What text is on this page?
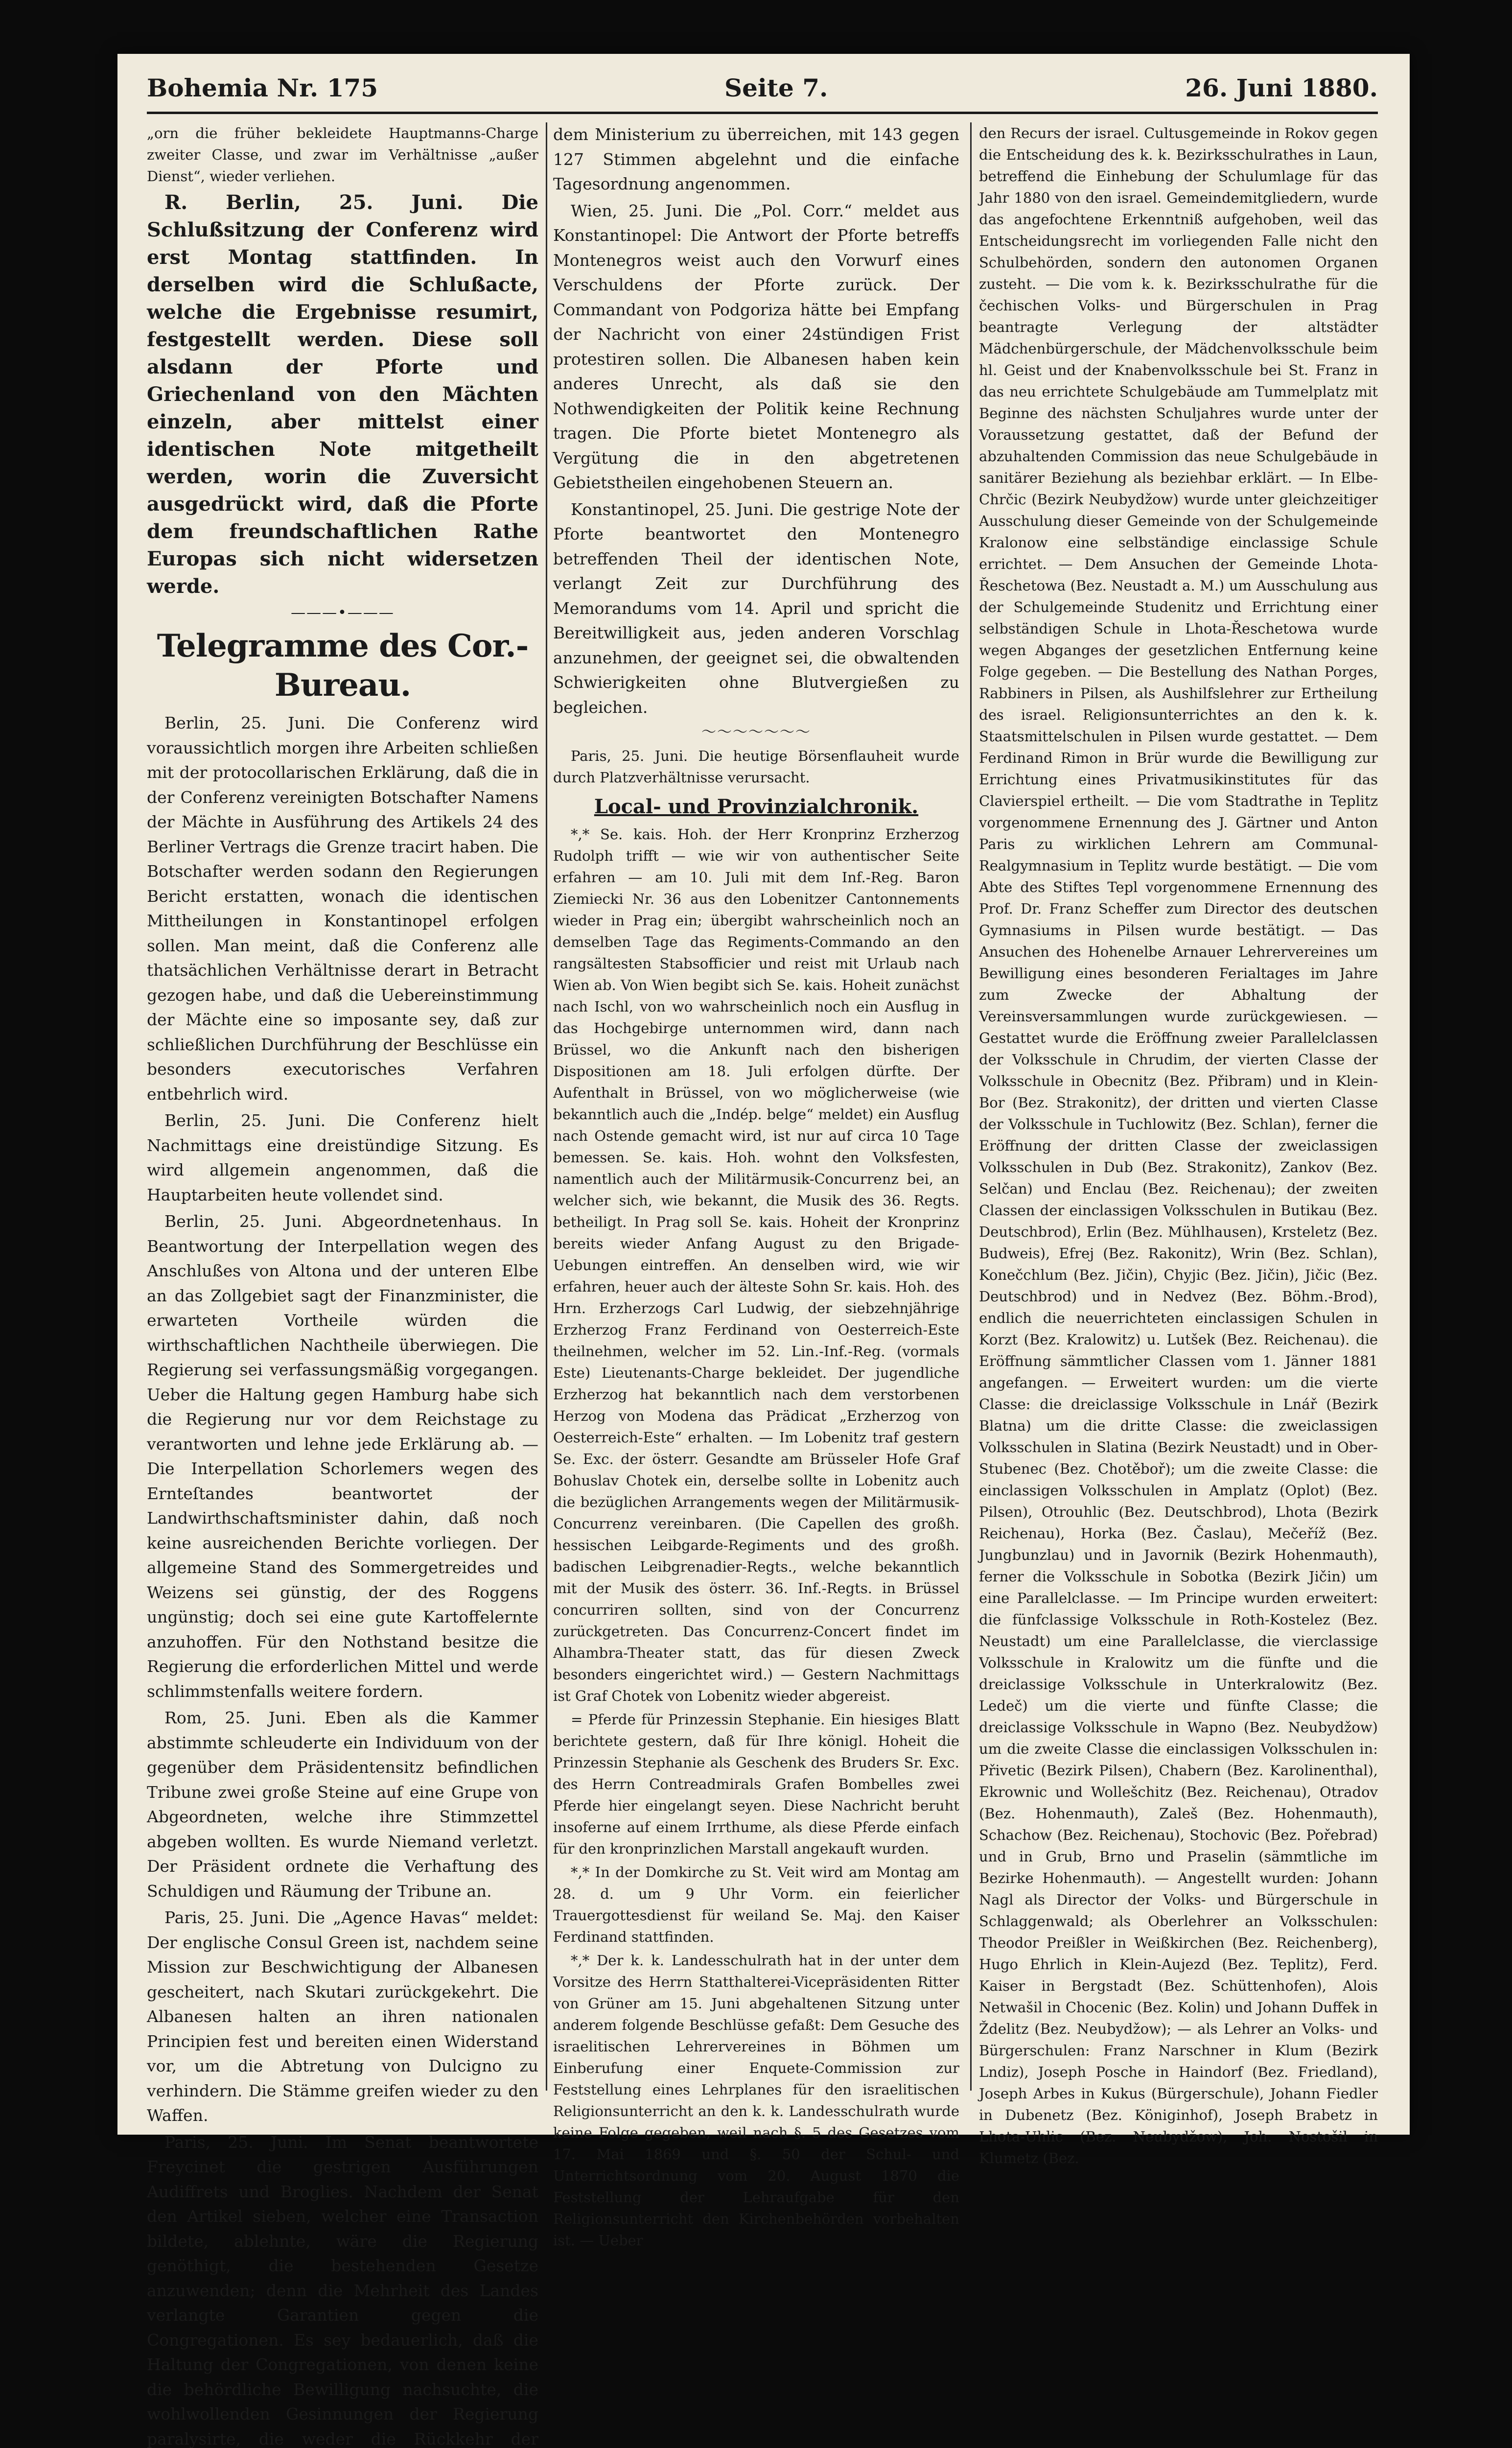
Bohemia Nr. 175	Seite 7.	26. Juni 1880.

„orn die früher bekleidete Hauptmanns-Charge zweiter Classe, und zwar im Verhältnisse „außer Dienst“, wieder verliehen.

R. Berlin, 25. Juni. Die Schlußsitzung der Conferenz wird erst Montag stattfinden. In derselben wird die Schlußacte, welche die Ergebnisse resumirt, festgestellt werden. Diese soll alsdann der Pforte und Griechenland von den Mächten einzeln, aber mittelst einer identischen Note mitgetheilt werden, worin die Zuversicht ausgedrückt wird, daß die Pforte dem freundschaftlichen Rathe Europas sich nicht widersetzen werde.

———•———
Telegramme des Cor.-Bureau.

Berlin, 25. Juni. Die Conferenz wird voraussichtlich morgen ihre Arbeiten schließen mit der protocollarischen Erklärung, daß die in der Conferenz vereinigten Botschafter Namens der Mächte in Ausführung des Artikels 24 des Berliner Vertrags die Grenze tracirt haben. Die Botschafter werden sodann den Regierungen Bericht erstatten, wonach die identischen Mittheilungen in Konstantinopel erfolgen sollen. Man meint, daß die Conferenz alle thatsächlichen Verhältnisse derart in Betracht gezogen habe, und daß die Uebereinstimmung der Mächte eine so imposante sey, daß zur schließlichen Durchführung der Beschlüsse ein besonders executorisches Verfahren entbehrlich wird.

Berlin, 25. Juni. Die Conferenz hielt Nachmittags eine dreistündige Sitzung. Es wird allgemein angenommen, daß die Hauptarbeiten heute vollendet sind.

Berlin, 25. Juni. Abgeordnetenhaus. In Beantwortung der Interpellation wegen des Anschlußes von Altona und der unteren Elbe an das Zollgebiet sagt der Finanzminister, die erwarteten Vortheile würden die wirthschaftlichen Nachtheile überwiegen. Die Regierung sei verfassungsmäßig vorgegangen. Ueber die Haltung gegen Hamburg habe sich die Regierung nur vor dem Reichstage zu verantworten und lehne jede Erklärung ab. — Die Interpellation Schorlemers wegen des Ernteſtandes beantwortet der Landwirthschaftsminister dahin, daß noch keine ausreichenden Berichte vorliegen. Der allgemeine Stand des Sommergetreides und Weizens sei günstig, der des Roggens ungünstig; doch sei eine gute Kartoffelernte anzuhoffen. Für den Nothstand besitze die Regierung die erforderlichen Mittel und werde schlimmstenfalls weitere fordern.

Rom, 25. Juni. Eben als die Kammer abstimmte schleuderte ein Individuum von der gegenüber dem Präsidentensitz befindlichen Tribune zwei große Steine auf eine Grupe von Abgeordneten, welche ihre Stimmzettel abgeben wollten. Es wurde Niemand verletzt. Der Präsident ordnete die Verhaftung des Schuldigen und Räumung der Tribune an.

Paris, 25. Juni. Die „Agence Havas“ meldet: Der englische Consul Green ist, nachdem seine Mission zur Beschwichtigung der Albanesen gescheitert, nach Skutari zurückgekehrt. Die Albanesen halten an ihren nationalen Principien fest und bereiten einen Widerstand vor, um die Abtretung von Dulcigno zu verhindern. Die Stämme greifen wieder zu den Waffen.

Paris, 25. Juni. Im Senat beantwortete Freycinet die gestrigen Ausführungen Audiffrets und Broglies. Nachdem der Senat den Artikel sieben, welcher eine Transaction bildete, ablehnte, wäre die Regierung genöthigt, die bestehenden Gesetze anzuwenden; denn die Mehrheit des Landes verlangte Garantien gegen die Congregationen. Es sey bedauerlich, daß die Haltung der Congregationen, von denen keine die behördliche Bewilligung nachsuchte, die wohlwollenden Gesinnungen der Regierung paralysirte, die weder die Rückkehr der

dem Ministerium zu überreichen, mit 143 gegen 127 Stimmen abgelehnt und die einfache Tagesordnung angenommen.

Wien, 25. Juni. Die „Pol. Corr.“ meldet aus Konstantinopel: Die Antwort der Pforte betreffs Montenegros weist auch den Vorwurf eines Verschuldens der Pforte zurück. Der Commandant von Podgoriza hätte bei Empfang der Nachricht von einer 24stündigen Frist protestiren sollen. Die Albanesen haben kein anderes Unrecht, als daß sie den Nothwendigkeiten der Politik keine Rechnung tragen. Die Pforte bietet Montenegro als Vergütung die in den abgetretenen Gebietstheilen eingehobenen Steuern an.

Konstantinopel, 25. Juni. Die gestrige Note der Pforte beantwortet den Montenegro betreffenden Theil der identischen Note, verlangt Zeit zur Durchführung des Memorandums vom 14. April und spricht die Bereitwilligkeit aus, jeden anderen Vorschlag anzunehmen, der geeignet sei, die obwaltenden Schwierigkeiten ohne Blutvergießen zu begleichen.

～～～～～～～

Paris, 25. Juni. Die heutige Börsenflauheit wurde durch Platzverhältnisse verursacht.

Local- und Provinzialchronik.

*,* Se. kais. Hoh. der Herr Kronprinz Erzherzog Rudolph trifft — wie wir von authentischer Seite erfahren — am 10. Juli mit dem Inf.-Reg. Baron Ziemiecki Nr. 36 aus den Lobenitzer Cantonnements wieder in Prag ein; übergibt wahrscheinlich noch an demselben Tage das Regiments-Commando an den rangsältesten Stabsofficier und reist mit Urlaub nach Wien ab. Von Wien begibt sich Se. kais. Hoheit zunächst nach Ischl, von wo wahrscheinlich noch ein Ausflug in das Hochgebirge unternommen wird, dann nach Brüssel, wo die Ankunft nach den bisherigen Dispositionen am 18. Juli erfolgen dürfte. Der Aufenthalt in Brüssel, von wo möglicherweise (wie bekanntlich auch die „Indép. belge“ meldet) ein Ausflug nach Ostende gemacht wird, ist nur auf circa 10 Tage bemessen. Se. kais. Hoh. wohnt den Volksfesten, namentlich auch der Militärmusik-Concurrenz bei, an welcher sich, wie bekannt, die Musik des 36. Regts. betheiligt. In Prag soll Se. kais. Hoheit der Kronprinz bereits wieder Anfang August zu den Brigade-Uebungen eintreffen. An denselben wird, wie wir erfahren, heuer auch der älteste Sohn Sr. kais. Hoh. des Hrn. Erzherzogs Carl Ludwig, der siebzehnjährige Erzherzog Franz Ferdinand von Oesterreich-Este theilnehmen, welcher im 52. Lin.-Inf.-Reg. (vormals Este) Lieutenants-Charge bekleidet. Der jugendliche Erzherzog hat bekanntlich nach dem verstorbenen Herzog von Modena das Prädicat „Erzherzog von Oesterreich-Este“ erhalten. — Im Lobenitz traf gestern Se. Exc. der österr. Gesandte am Brüsseler Hofe Graf Bohuslav Chotek ein, derselbe sollte in Lobenitz auch die bezüglichen Arrangements wegen der Militärmusik-Concurrenz vereinbaren. (Die Capellen des großh. hessischen Leibgarde-Regiments und des großh. badischen Leibgrenadier-Regts., welche bekanntlich mit der Musik des österr. 36. Inf.-Regts. in Brüssel concurriren sollten, sind von der Concurrenz zurückgetreten. Das Concurrenz-Concert findet im Alhambra-Theater statt, das für diesen Zweck besonders eingerichtet wird.) — Gestern Nachmittags ist Graf Chotek von Lobenitz wieder abgereist.

= Pferde für Prinzessin Stephanie. Ein hiesiges Blatt berichtete gestern, daß für Ihre königl. Hoheit die Prinzessin Stephanie als Geschenk des Bruders Sr. Exc. des Herrn Contreadmirals Grafen Bombelles zwei Pferde hier eingelangt seyen. Diese Nachricht beruht insoferne auf einem Irrthume, als diese Pferde einfach für den kronprinzlichen Marstall angekauft wurden.

*,* In der Domkirche zu St. Veit wird am Montag am 28. d. um 9 Uhr Vorm. ein feierlicher Trauergottesdienst für weiland Se. Maj. den Kaiser Ferdinand stattfinden.

*,* Der k. k. Landesschulrath hat in der unter dem Vorsitze des Herrn Statthalterei-Vicepräsidenten Ritter von Grüner am 15. Juni abgehaltenen Sitzung unter anderem folgende Beschlüsse gefaßt: Dem Gesuche des israelitischen Lehrervereines in Böhmen um Einberufung einer Enquete-Commission zur Feststellung eines Lehrplanes für den israelitischen Religionsunterricht an den k. k. Landesschulrath wurde keine Folge gegeben, weil nach §. 5 des Gesetzes vom 17. Mai 1869 und §. 50 der Schul- und Unterrichtsordnung vom 20. August 1870 die Feststellung der Lehraufgabe für den Religionsunterricht den Kirchenbehörden vorbehalten ist. — Ueber

den Recurs der israel. Cultusgemeinde in Rokov gegen die Entscheidung des k. k. Bezirksschulrathes in Laun, betreffend die Einhebung der Schulumlage für das Jahr 1880 von den israel. Gemeindemitgliedern, wurde das angefochtene Erkenntniß aufgehoben, weil das Entscheidungsrecht im vorliegenden Falle nicht den Schulbehörden, sondern den autonomen Organen zusteht. — Die vom k. k. Bezirksschulrathe für die čechischen Volks- und Bürgerschulen in Prag beantragte Verlegung der altstädter Mädchenbürgerschule, der Mädchenvolksschule beim hl. Geist und der Knabenvolksschule bei St. Franz in das neu errichtete Schulgebäude am Tummelplatz mit Beginne des nächsten Schuljahres wurde unter der Voraussetzung gestattet, daß der Befund der abzuhaltenden Commission das neue Schulgebäude in sanitärer Beziehung als beziehbar erklärt. — In Elbe-Chrčic (Bezirk Neubydžow) wurde unter gleichzeitiger Ausschulung dieser Gemeinde von der Schulgemeinde Kralonow eine selbständige einclassige Schule errichtet. — Dem Ansuchen der Gemeinde Lhota-Řeschetowa (Bez. Neustadt a. M.) um Ausschulung aus der Schulgemeinde Studenitz und Errichtung einer selbständigen Schule in Lhota-Řeschetowa wurde wegen Abganges der gesetzlichen Entfernung keine Folge gegeben. — Die Bestellung des Nathan Porges, Rabbiners in Pilsen, als Aushilfslehrer zur Ertheilung des israel. Religionsunterrichtes an den k. k. Staatsmittelschulen in Pilsen wurde gestattet. — Dem Ferdinand Rimon in Brür wurde die Bewilligung zur Errichtung eines Privatmusikinstitutes für das Clavierspiel ertheilt. — Die vom Stadtrathe in Teplitz vorgenommene Ernennung des J. Gärtner und Anton Paris zu wirklichen Lehrern am Communal-Realgymnasium in Teplitz wurde bestätigt. — Die vom Abte des Stiftes Tepl vorgenommene Ernennung des Prof. Dr. Franz Scheffer zum Director des deutschen Gymnasiums in Pilsen wurde bestätigt. — Das Ansuchen des Hohenelbe Arnauer Lehrervereines um Bewilligung eines besonderen Ferialtages im Jahre zum Zwecke der Abhaltung der Vereinsversammlungen wurde zurückgewiesen. — Gestattet wurde die Eröffnung zweier Parallelclassen der Volksschule in Chrudim, der vierten Classe der Volksschule in Obecnitz (Bez. Přibram) und in Klein-Bor (Bez. Strakonitz), der dritten und vierten Classe der Volksschule in Tuchlowitz (Bez. Schlan), ferner die Eröffnung der dritten Classe der zweiclassigen Volksschulen in Dub (Bez. Strakonitz), Zankov (Bez. Selčan) und Enclau (Bez. Reichenau); der zweiten Classen der einclassigen Volksschulen in Butikau (Bez. Deutschbrod), Erlin (Bez. Mühlhausen), Krsteletz (Bez. Budweis), Efrej (Bez. Rakonitz), Wrin (Bez. Schlan), Konečchlum (Bez. Jičin), Chyjic (Bez. Jičin), Jičic (Bez. Deutschbrod) und in Nedvez (Bez. Böhm.-Brod), endlich die neuerrichteten einclassigen Schulen in Korzt (Bez. Kralowitz) u. Lutšek (Bez. Reichenau). die Eröffnung sämmtlicher Classen vom 1. Jänner 1881 angefangen. — Erweitert wurden: um die vierte Classe: die dreiclassige Volksschule in Lnář (Bezirk Blatna) um die dritte Classe: die zweiclassigen Volksschulen in Slatina (Bezirk Neustadt) und in Ober-Stubenec (Bez. Chotěboř); um die zweite Classe: die einclassigen Volksschulen in Amplatz (Oplot) (Bez. Pilsen), Otrouhlic (Bez. Deutschbrod), Lhota (Bezirk Reichenau), Horka (Bez. Časlau), Mečeříž (Bez. Jungbunzlau) und in Javornik (Bezirk Hohenmauth), ferner die Volksschule in Sobotka (Bezirk Jičin) um eine Parallelclasse. — Im Principe wurden erweitert: die fünfclassige Volksschule in Roth-Kostelez (Bez. Neustadt) um eine Parallelclasse, die vierclassige Volksschule in Kralowitz um die fünfte und die dreiclassige Volksschule in Unterkralowitz (Bez. Ledeč) um die vierte und fünfte Classe; die dreiclassige Volksschule in Wapno (Bez. Neubydžow) um die zweite Classe die einclassigen Volksschulen in: Přivetic (Bezirk Pilsen), Chabern (Bez. Karolinenthal), Ekrownic und Wollešchitz (Bez. Reichenau), Otradov (Bez. Hohenmauth), Zaleš (Bez. Hohenmauth), Schachow (Bez. Reichenau), Stochovic (Bez. Pořebrad) und in Grub, Brno und Praselin (sämmtliche im Bezirke Hohenmauth). — Angestellt wurden: Johann Nagl als Director der Volks- und Bürgerschule in Schlaggenwald; als Oberlehrer an Volksschulen: Theodor Preißler in Weißkirchen (Bez. Reichenberg), Hugo Ehrlich in Klein-Aujezd (Bez. Teplitz), Ferd. Kaiser in Bergstadt (Bez. Schüttenhofen), Alois Netwašil in Chocenic (Bez. Kolin) und Johann Duffek in Ždelitz (Bez. Neubydžow); — als Lehrer an Volks- und Bürgerschulen: Franz Narschner in Klum (Bezirk Lndiz), Joseph Posche in Haindorf (Bez. Friedland), Joseph Arbes in Kukus (Bürgerschule), Johann Fiedler in Dubenetz (Bez. Königinhof), Joseph Brabetz in Lhota-Uhlic (Bez. Neubydžow), Joh. Nostošil in Klumetz (Bez.
